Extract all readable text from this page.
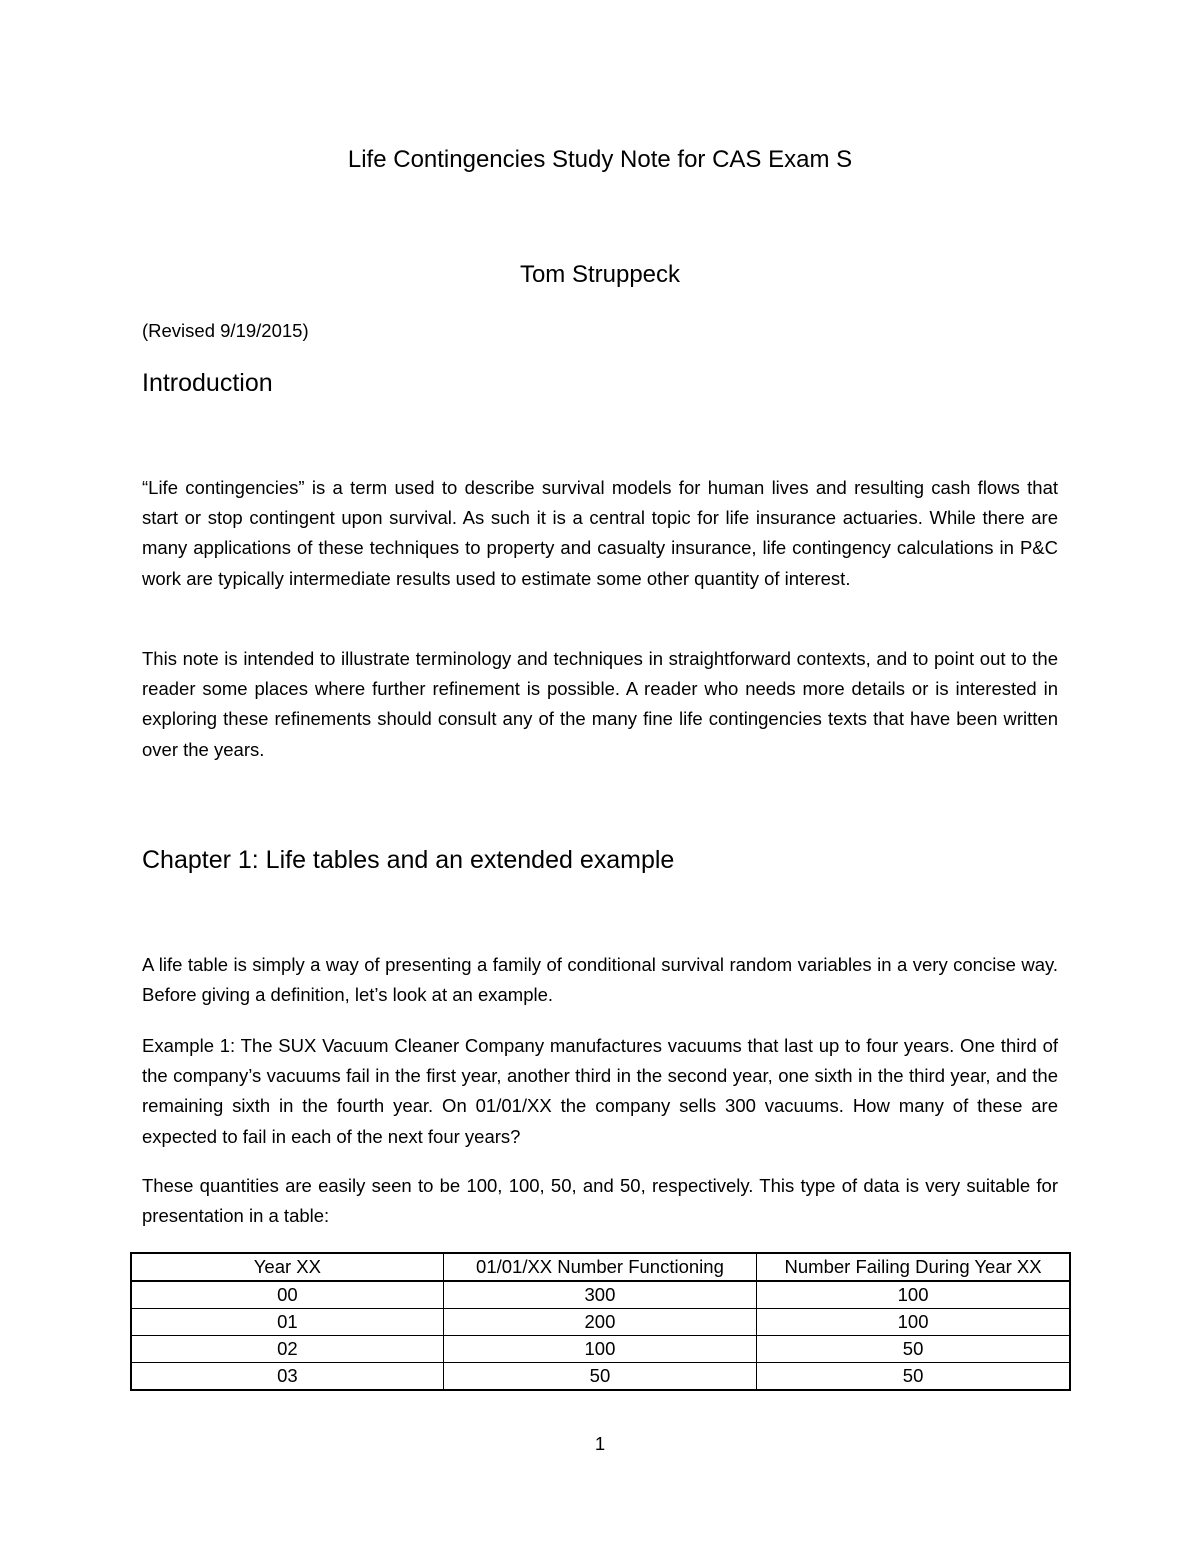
Life Contingencies Study Note for CAS Exam S
Tom Struppeck
(Revised 9/19/2015)
Introduction

“Life contingencies” is a term used to describe survival models for human lives and resulting cash flows that start or stop contingent upon survival. As such it is a central topic for life insurance actuaries. While there are many applications of these techniques to property and casualty insurance, life contingency calculations in P&C work are typically intermediate results used to estimate some other quantity of interest.

This note is intended to illustrate terminology and techniques in straightforward contexts, and to point out to the reader some places where further refinement is possible. A reader who needs more details or is interested in exploring these refinements should consult any of the many fine life contingencies texts that have been written over the years.

Chapter 1: Life tables and an extended example

A life table is simply a way of presenting a family of conditional survival random variables in a very concise way. Before giving a definition, let’s look at an example.

Example 1: The SUX Vacuum Cleaner Company manufactures vacuums that last up to four years. One third of the company’s vacuums fail in the first year, another third in the second year, one sixth in the third year, and the remaining sixth in the fourth year. On 01/01/XX the company sells 300 vacuums. How many of these are expected to fail in each of the next four years?

These quantities are easily seen to be 100, 100, 50, and 50, respectively. This type of data is very suitable for presentation in a table:

Year XX	01/01/XX Number Functioning	Number Failing During Year XX
00	300	100
01	200	100
02	100	50
03	50	50
1
